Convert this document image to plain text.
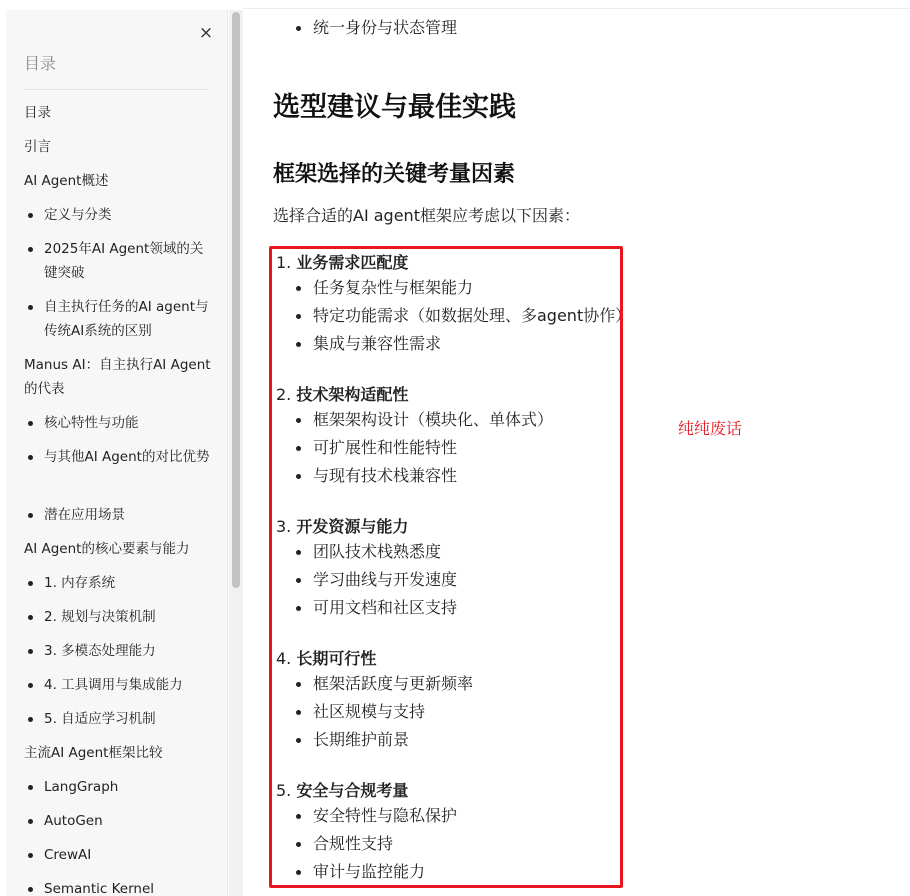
×
目录
目录
引言
AI Agent概述
定义与分类
2025年AI Agent领域的关键突破
自主执行任务的AI agent与传统AI系统的区别
Manus AI：自主执行AI Agent的代表
核心特性与功能
与其他AI Agent的对比优势
潜在应用场景
AI Agent的核心要素与能力
1. 内存系统
2. 规划与决策机制
3. 多模态处理能力
4. 工具调用与集成能力
5. 自适应学习机制
主流AI Agent框架比较
LangGraph
AutoGen
CrewAI
Semantic Kernel
统一身份与状态管理
选型建议与最佳实践
框架选择的关键考量因素
选择合适的AI agent框架应考虑以下因素：
1. 业务需求匹配度
任务复杂性与框架能力
特定功能需求（如数据处理、多agent协作）
集成与兼容性需求
2. 技术架构适配性
框架架构设计（模块化、单体式）
可扩展性和性能特性
与现有技术栈兼容性
3. 开发资源与能力
团队技术栈熟悉度
学习曲线与开发速度
可用文档和社区支持
4. 长期可行性
框架活跃度与更新频率
社区规模与支持
长期维护前景
5. 安全与合规考量
安全特性与隐私保护
合规性支持
审计与监控能力
纯纯废话
